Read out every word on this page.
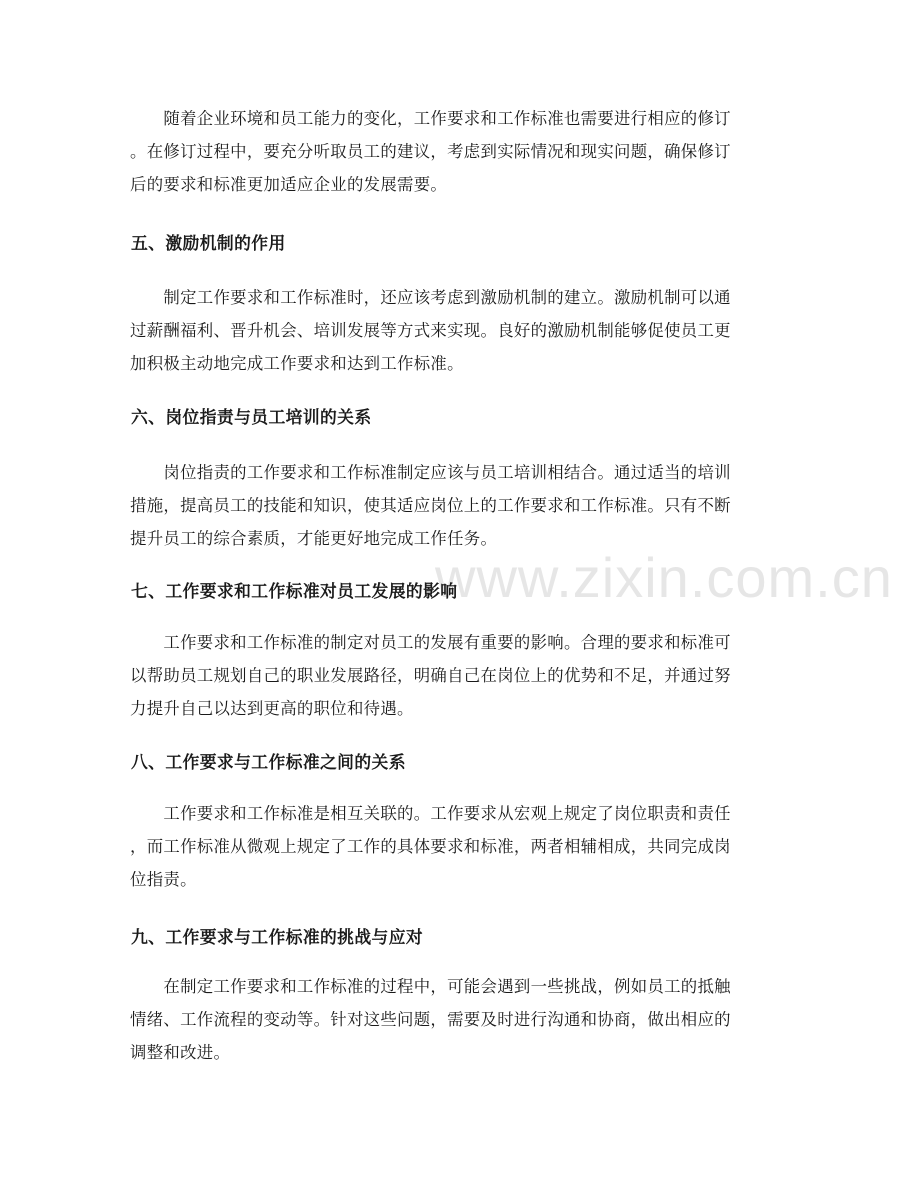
www.zixin.com.cn

　　随着企业环境和员工能力的变化，工作要求和工作标准也需要进行相应的修订
。在修订过程中，要充分听取员工的建议，考虑到实际情况和现实问题，确保修订
后的要求和标准更加适应企业的发展需要。

五、激励机制的作用

　　制定工作要求和工作标准时，还应该考虑到激励机制的建立。激励机制可以通
过薪酬福利、晋升机会、培训发展等方式来实现。良好的激励机制能够促使员工更
加积极主动地完成工作要求和达到工作标准。

六、岗位指责与员工培训的关系

　　岗位指责的工作要求和工作标准制定应该与员工培训相结合。通过适当的培训
措施，提高员工的技能和知识，使其适应岗位上的工作要求和工作标准。只有不断
提升员工的综合素质，才能更好地完成工作任务。

七、工作要求和工作标准对员工发展的影响

　　工作要求和工作标准的制定对员工的发展有重要的影响。合理的要求和标准可
以帮助员工规划自己的职业发展路径，明确自己在岗位上的优势和不足，并通过努
力提升自己以达到更高的职位和待遇。

八、工作要求与工作标准之间的关系

　　工作要求和工作标准是相互关联的。工作要求从宏观上规定了岗位职责和责任
，而工作标准从微观上规定了工作的具体要求和标准，两者相辅相成，共同完成岗
位指责。

九、工作要求与工作标准的挑战与应对

　　在制定工作要求和工作标准的过程中，可能会遇到一些挑战，例如员工的抵触
情绪、工作流程的变动等。针对这些问题，需要及时进行沟通和协商，做出相应的
调整和改进。
